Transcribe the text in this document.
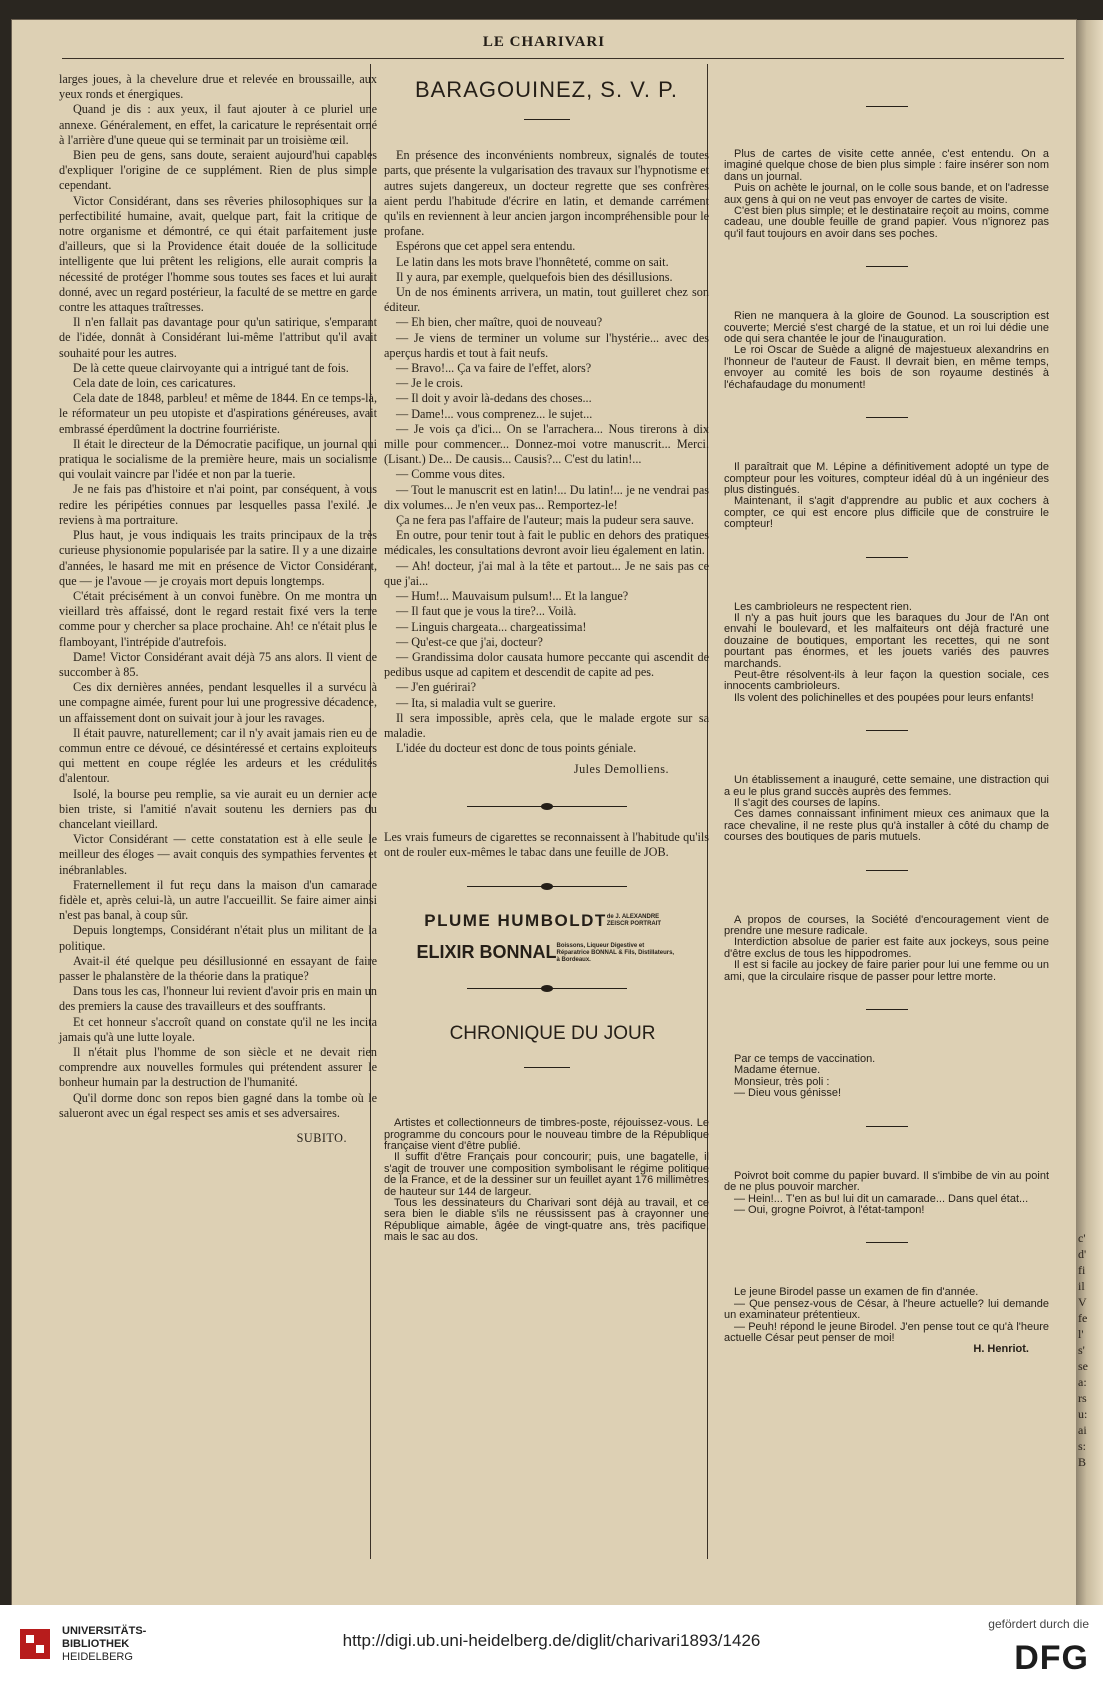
LE CHARIVARI

larges joues, à la chevelure drue et relevée en broussaille, aux yeux ronds et énergiques.

Quand je dis : aux yeux, il faut ajouter à ce pluriel une annexe. Généralement, en effet, la caricature le représentait orné à l'arrière d'une queue qui se terminait par un troisième œil.

Bien peu de gens, sans doute, seraient aujourd'hui capables d'expliquer l'origine de ce supplément. Rien de plus simple cependant.

Victor Considérant, dans ses rêveries philosophiques sur la perfectibilité humaine, avait, quelque part, fait la critique de notre organisme et démontré, ce qui était parfaitement juste d'ailleurs, que si la Providence était douée de la sollicitude intelligente que lui prêtent les religions, elle aurait compris la nécessité de protéger l'homme sous toutes ses faces et lui aurait donné, avec un regard postérieur, la faculté de se mettre en garde contre les attaques traîtresses.

Il n'en fallait pas davantage pour qu'un satirique, s'emparant de l'idée, donnât à Considérant lui-même l'attribut qu'il avait souhaité pour les autres.

De là cette queue clairvoyante qui a intrigué tant de fois.

Cela date de loin, ces caricatures.

Cela date de 1848, parbleu! et même de 1844. En ce temps-là, le réformateur un peu utopiste et d'aspirations généreuses, avait embrassé éperdûment la doctrine fourriériste.

Il était le directeur de la Démocratie pacifique, un journal qui pratiqua le socialisme de la première heure, mais un socialisme qui voulait vaincre par l'idée et non par la tuerie.

Je ne fais pas d'histoire et n'ai point, par conséquent, à vous redire les péripéties connues par lesquelles passa l'exilé. Je reviens à ma portraiture.

Plus haut, je vous indiquais les traits principaux de la très curieuse physionomie popularisée par la satire. Il y a une dizaine d'années, le hasard me mit en présence de Victor Considérant, que — je l'avoue — je croyais mort depuis longtemps.

C'était précisément à un convoi funèbre. On me montra un vieillard très affaissé, dont le regard restait fixé vers la terre comme pour y chercher sa place prochaine. Ah! ce n'était plus le flamboyant, l'intrépide d'autrefois.

Dame! Victor Considérant avait déjà 75 ans alors. Il vient de succomber à 85.

Ces dix dernières années, pendant lesquelles il a survécu à une compagne aimée, furent pour lui une progressive décadence, un affaissement dont on suivait jour à jour les ravages.

Il était pauvre, naturellement; car il n'y avait jamais rien eu de commun entre ce dévoué, ce désintéressé et certains exploiteurs qui mettent en coupe réglée les ardeurs et les crédulités d'alentour.

Isolé, la bourse peu remplie, sa vie aurait eu un dernier acte bien triste, si l'amitié n'avait soutenu les derniers pas du chancelant vieillard.

Victor Considérant — cette constatation est à elle seule le meilleur des éloges — avait conquis des sympathies ferventes et inébranlables.

Fraternellement il fut reçu dans la maison d'un camarade fidèle et, après celui-là, un autre l'accueillit. Se faire aimer ainsi n'est pas banal, à coup sûr.

Depuis longtemps, Considérant n'était plus un militant de la politique.

Avait-il été quelque peu désillusionné en essayant de faire passer le phalanstère de la théorie dans la pratique?

Dans tous les cas, l'honneur lui revient d'avoir pris en main un des premiers la cause des travailleurs et des souffrants.

Et cet honneur s'accroît quand on constate qu'il ne les incita jamais qu'à une lutte loyale.

Il n'était plus l'homme de son siècle et ne devait rien comprendre aux nouvelles formules qui prétendent assurer le bonheur humain par la destruction de l'humanité.

Qu'il dorme donc son repos bien gagné dans la tombe où le salueront avec un égal respect ses amis et ses adversaires.

SUBITO.

BARAGOUINEZ, S. V. P.

En présence des inconvénients nombreux, signalés de toutes parts, que présente la vulgarisation des travaux sur l'hypnotisme et autres sujets dangereux, un docteur regrette que ses confrères aient perdu l'habitude d'écrire en latin, et demande carrément qu'ils en reviennent à leur ancien jargon incompréhensible pour le profane.

Espérons que cet appel sera entendu.

Le latin dans les mots brave l'honnêteté, comme on sait.

Il y aura, par exemple, quelquefois bien des désillusions.

Un de nos éminents arrivera, un matin, tout guilleret chez son éditeur.

— Eh bien, cher maître, quoi de nouveau?

— Je viens de terminer un volume sur l'hystérie... avec des aperçus hardis et tout à fait neufs.

— Bravo!... Ça va faire de l'effet, alors?

— Je le crois.

— Il doit y avoir là-dedans des choses...

— Dame!... vous comprenez... le sujet...

— Je vois ça d'ici... On se l'arrachera... Nous tirerons à dix mille pour commencer... Donnez-moi votre manuscrit... Merci. (Lisant.) De... De causis... Causis?... C'est du latin!...

— Comme vous dites.

— Tout le manuscrit est en latin!... Du latin!... je ne vendrai pas dix volumes... Je n'en veux pas... Remportez-le!

Ça ne fera pas l'affaire de l'auteur; mais la pudeur sera sauve.

En outre, pour tenir tout à fait le public en dehors des pratiques médicales, les consultations devront avoir lieu également en latin.

— Ah! docteur, j'ai mal à la tête et partout... Je ne sais pas ce que j'ai...

— Hum!... Mauvaisum pulsum!... Et la langue?

— Il faut que je vous la tire?... Voilà.

— Linguis chargeata... chargeatissima!

— Qu'est-ce que j'ai, docteur?

— Grandissima dolor causata humore peccante qui ascendit de pedibus usque ad capitem et descendit de capite ad pes.

— J'en guérirai?

— Ita, si maladia vult se guerire.

Il sera impossible, après cela, que le malade ergote sur sa maladie.

L'idée du docteur est donc de tous points géniale.

Jules Demolliens.

Les vrais fumeurs de cigarettes se reconnaissent à l'habitude qu'ils ont de rouler eux-mêmes le tabac dans une feuille de JOB.

PLUME HUMBOLDTde J. ALEXANDRE ZEISCR PORTRAIT
ELIXIR BONNALBoissons, Liqueur Digestive et Réparatrice BONNAL & Fils, Distillateurs, à Bordeaux.

CHRONIQUE DU JOUR

Artistes et collectionneurs de timbres-poste, réjouissez-vous. Le programme du concours pour le nouveau timbre de la République française vient d'être publié.

Il suffit d'être Français pour concourir; puis, une bagatelle, il s'agit de trouver une composition symbolisant le régime politique de la France, et de la dessiner sur un feuillet ayant 176 millimètres de hauteur sur 144 de largeur.

Tous les dessinateurs du Charivari sont déjà au travail, et ce sera bien le diable s'ils ne réussissent pas à crayonner une République aimable, âgée de vingt-quatre ans, très pacifique, mais le sac au dos.

Plus de cartes de visite cette année, c'est entendu. On a imaginé quelque chose de bien plus simple : faire insérer son nom dans un journal.

Puis on achète le journal, on le colle sous bande, et on l'adresse aux gens à qui on ne veut pas envoyer de cartes de visite.

C'est bien plus simple; et le destinataire reçoit au moins, comme cadeau, une double feuille de grand papier. Vous n'ignorez pas qu'il faut toujours en avoir dans ses poches.

Rien ne manquera à la gloire de Gounod. La souscription est couverte; Mercié s'est chargé de la statue, et un roi lui dédie une ode qui sera chantée le jour de l'inauguration.

Le roi Oscar de Suède a aligné de majestueux alexandrins en l'honneur de l'auteur de Faust. Il devrait bien, en même temps, envoyer au comité les bois de son royaume destinés à l'échafaudage du monument!

Il paraîtrait que M. Lépine a définitivement adopté un type de compteur pour les voitures, compteur idéal dû à un ingénieur des plus distingués.

Maintenant, il s'agit d'apprendre au public et aux cochers à compter, ce qui est encore plus difficile que de construire le compteur!

Les cambrioleurs ne respectent rien.

Il n'y a pas huit jours que les baraques du Jour de l'An ont envahi le boulevard, et les malfaiteurs ont déjà fracturé une douzaine de boutiques, emportant les recettes, qui ne sont pourtant pas énormes, et les jouets variés des pauvres marchands.

Peut-être résolvent-ils à leur façon la question sociale, ces innocents cambrioleurs.

Ils volent des polichinelles et des poupées pour leurs enfants!

Un établissement a inauguré, cette semaine, une distraction qui a eu le plus grand succès auprès des femmes.

Il s'agit des courses de lapins.

Ces dames connaissant infiniment mieux ces animaux que la race chevaline, il ne reste plus qu'à installer à côté du champ de courses des boutiques de paris mutuels.

A propos de courses, la Société d'encouragement vient de prendre une mesure radicale.

Interdiction absolue de parier est faite aux jockeys, sous peine d'être exclus de tous les hippodromes.

Il est si facile au jockey de faire parier pour lui une femme ou un ami, que la circulaire risque de passer pour lettre morte.

Par ce temps de vaccination.

Madame éternue.

Monsieur, très poli :

— Dieu vous génisse!

Poivrot boit comme du papier buvard. Il s'imbibe de vin au point de ne plus pouvoir marcher.

— Hein!... T'en as bu! lui dit un camarade... Dans quel état...

— Oui, grogne Poivrot, à l'état-tampon!

Le jeune Birodel passe un examen de fin d'année.

— Que pensez-vous de César, à l'heure actuelle? lui demande un examinateur prétentieux.

— Peuh! répond le jeune Birodel. J'en pense tout ce qu'à l'heure actuelle César peut penser de moi!

H. Henriot.

c' d' fi il V fe l' s' se a: rs u: ai s: B
UNIVERSITÄTS-
BIBLIOTHEK
HEIDELBERG
http://digi.ub.uni-heidelberg.de/diglit/charivari1893/1426
gefördert durch die
DFG
